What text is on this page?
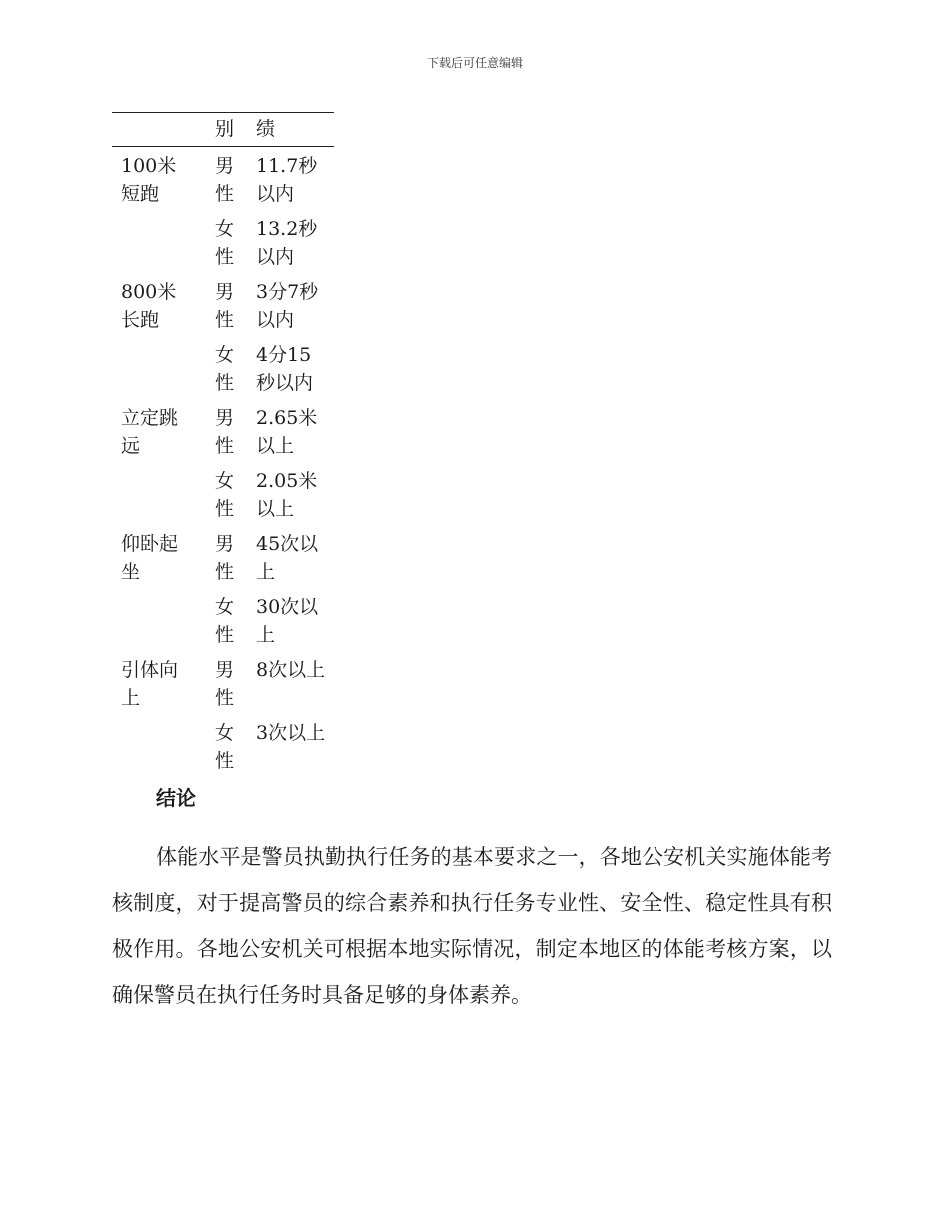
下载后可任意编辑
	别	绩

100米短跑	男性	11.7秒以内

	女性	13.2秒以内

800米长跑	男性	3分7秒以内

	女性	4分15秒以内

立定跳远	男性	2.65米以上

	女性	2.05米以上

仰卧起坐	男性	45次以上

	女性	30次以上

引体向上	男性	8次以上

	女性	3次以上
结论

体能水平是警员执勤执行任务的基本要求之一，各地公安机关实施体能考核制度，对于提高警员的综合素养和执行任务专业性、安全性、稳定性具有积极作用。各地公安机关可根据本地实际情况，制定本地区的体能考核方案，以确保警员在执行任务时具备足够的身体素养。
